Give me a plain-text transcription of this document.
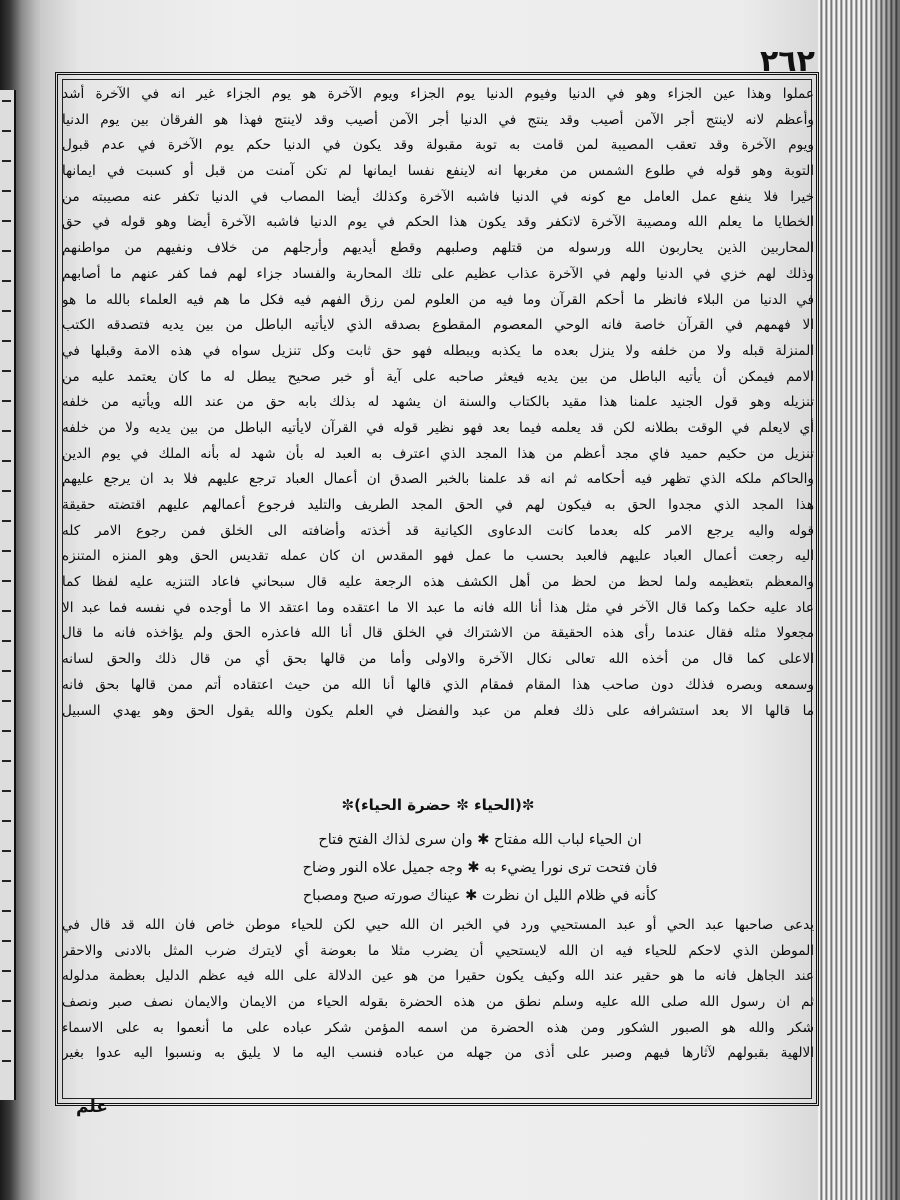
٢٦٢
عملوا وهذا عين الجزاء وهو في الدنيا وفيوم الدنيا يوم الجزاء ويوم الآخرة هو يوم الجزاء غير انه في الآخرة أشد
وأعظم لانه لاينتج أجر الآمن أصيب وقد ينتج في الدنيا أجر الآمن أصيب وقد لاينتج فهذا هو الفرقان بين يوم الدنيا
ويوم الآخرة وقد تعقب المصيبة لمن قامت به توبة مقبولة وقد يكون في الدنيا حكم يوم الآخرة في عدم قبول
التوبة وهو قوله في طلوع الشمس من مغربها انه لاينفع نفسا ايمانها لم تكن آمنت من قبل أو كسبت في ايمانها
خيرا فلا ينفع عمل العامل مع كونه في الدنيا فاشبه الآخرة وكذلك أيضا المصاب في الدنيا تكفر عنه مصيبته من
الخطايا ما يعلم الله ومصيبة الآخرة لاتكفر وقد يكون هذا الحكم في يوم الدنيا فاشبه الآخرة أيضا وهو قوله في حق
المحاربين الذين يحاربون الله ورسوله من قتلهم وصلبهم وقطع أيديهم وأرجلهم من خلاف ونفيهم من مواطنهم
وذلك لهم خزي في الدنيا ولهم في الآخرة عذاب عظيم على تلك المحاربة والفساد جزاء لهم فما كفر عنهم ما أصابهم
في الدنيا من البلاء فانظر ما أحكم القرآن وما فيه من العلوم لمن رزق الفهم فيه فكل ما هم فيه العلماء بالله ما هو
الا فهمهم في القرآن خاصة فانه الوحي المعصوم المقطوع بصدقه الذي لايأتيه الباطل من بين يديه فتصدقه الكتب
المنزلة قبله ولا من خلفه ولا ينزل بعده ما يكذبه ويبطله فهو حق ثابت وكل تنزيل سواه في هذه الامة وقبلها في
الامم فيمكن أن يأتيه الباطل من بين يديه فيعثر صاحبه على آية أو خبر صحيح يبطل له ما كان يعتمد عليه من
تنزيله وهو قول الجنيد علمنا هذا مقيد بالكتاب والسنة ان يشهد له بذلك بابه حق من عند الله ويأتيه من خلفه
أي لايعلم في الوقت بطلانه لكن قد يعلمه فيما بعد فهو نظير قوله في القرآن لايأتيه الباطل من بين يديه ولا من خلفه
تنزيل من حكيم حميد فاي مجد أعظم من هذا المجد الذي اعترف به العبد له بأن شهد له بأنه الملك في يوم الدين
والحاكم ملكه الذي تظهر فيه أحكامه ثم انه قد علمنا بالخبر الصدق ان أعمال العباد ترجع عليهم فلا بد ان يرجع عليهم
هذا المجد الذي مجدوا الحق به فيكون لهم في الحق المجد الطريف والتليد فرجوع أعمالهم عليهم اقتضته حقيقة
قوله واليه يرجع الامر كله بعدما كانت الدعاوى الكيانية قد أخذته وأضافته الى الخلق فمن رجوع الامر كله
اليه رجعت أعمال العباد عليهم فالعبد بحسب ما عمل فهو المقدس ان كان عمله تقديس الحق وهو المنزه المتنزه
والمعظم بتعظيمه ولما لحظ من لحظ من أهل الكشف هذه الرجعة عليه قال سبحاني فاعاد التنزيه عليه لفظا كما
عاد عليه حكما وكما قال الآخر في مثل هذا أنا الله فانه ما عبد الا ما اعتقده وما اعتقد الا ما أوجده في نفسه فما عبد الا
مجعولا مثله فقال عندما رأى هذه الحقيقة من الاشتراك في الخلق قال أنا الله فاعذره الحق ولم يؤاخذه فانه ما قال
الاعلى كما قال من أخذه الله تعالى نكال الآخرة والاولى وأما من قالها بحق أي من قال ذلك والحق لسانه
وسمعه وبصره فذلك دون صاحب هذا المقام فمقام الذي قالها أنا الله من حيث اعتقاده أتم ممن قالها بحق فانه
ما قالها الا بعد استشرافه على ذلك فعلم من عبد والفضل في العلم يكون والله يقول الحق وهو يهدي السبيل
✼(الحياء ✼ حضرة الحياء)✼
ان الحياء لباب الله مفتاح ✱ وان سرى لذاك الفتح فتاح
فان فتحت ترى نورا يضيء به ✱ وجه جميل علاه النور وضاح
كأنه في ظلام الليل ان نظرت ✱ عيناك صورته صبح ومصباح
يدعى صاحبها عبد الحي أو عبد المستحيي ورد في الخبر ان الله حيي لكن للحياء موطن خاص فان الله قد قال في
الموطن الذي لاحكم للحياء فيه ان الله لايستحيي أن يضرب مثلا ما بعوضة أي لايترك ضرب المثل بالادنى والاحقر
عند الجاهل فانه ما هو حقير عند الله وكيف يكون حقيرا من هو عين الدلالة على الله فيه عظم الدليل بعظمة مدلوله
ثم ان رسول الله صلى الله عليه وسلم نطق من هذه الحضرة بقوله الحياء من الايمان والايمان نصف صبر ونصف
شكر والله هو الصبور الشكور ومن هذه الحضرة من اسمه المؤمن شكر عباده على ما أنعموا به على الاسماء
الالهية بقبولهم لآثارها فيهم وصبر على أذى من جهله من عباده فنسب اليه ما لا يليق به ونسبوا اليه عدوا بغير
علم
